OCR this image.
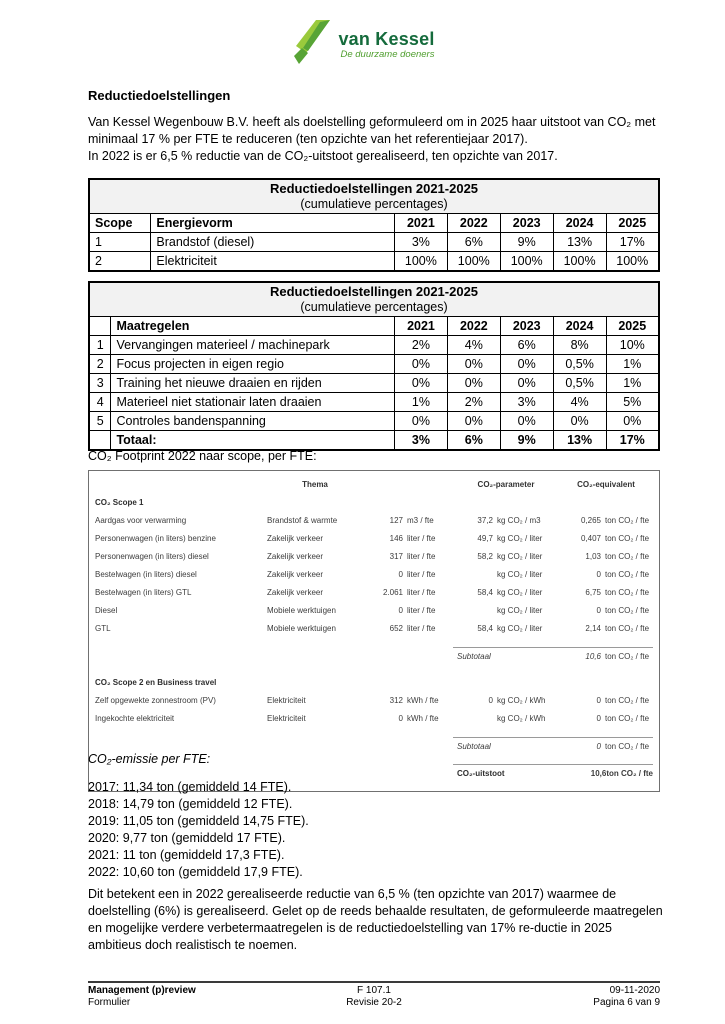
van Kessel
De duurzame doeners
Reductiedoelstellingen
Van Kessel Wegenbouw B.V. heeft als doelstelling geformuleerd om in 2025 haar uitstoot van CO₂ met minimaal 17 % per FTE te reduceren (ten opzichte van het referentiejaar 2017).
In 2022 is er 6,5 % reductie van de CO₂-uitstoot gerealiseerd, ten opzichte van 2017.
Reductiedoelstellingen 2021-2025
(cumulatieve percentages)						

Scope	Energievorm	2021	2022	2023	2024	2025
1	Brandstof (diesel)	3%	6%	9%	13%	17%
2	Elektriciteit	100%	100%	100%	100%	100%
Reductiedoelstellingen 2021-2025
(cumulatieve percentages)						

	Maatregelen	2021	2022	2023	2024	2025
1	Vervangingen materieel / machinepark	2%	4%	6%	8%	10%
2	Focus projecten in eigen regio	0%	0%	0%	0,5%	1%
3	Training het nieuwe draaien en rijden	0%	0%	0%	0,5%	1%
4	Materieel niet stationair laten draaien	1%	2%	3%	4%	5%
5	Controles bandenspanning	0%	0%	0%	0%	0%
	Totaal:	3%	6%	9%	13%	17%
CO₂ Footprint 2022 naar scope, per FTE:
Thema	CO₂-parameter	CO₂-equivalent
CO₂ Scope 1
Aardgas voor verwarming	Brandstof & warmte	127 m3 / fte	37,2 kg CO₂ / m3	0,265 ton CO₂ / fte
Personenwagen (in liters) benzine	Zakelijk verkeer	146 liter / fte	49,7 kg CO₂ / liter	0,407 ton CO₂ / fte
Personenwagen (in liters) diesel	Zakelijk verkeer	317 liter / fte	58,2 kg CO₂ / liter	1,03 ton CO₂ / fte
Bestelwagen (in liters) diesel	Zakelijk verkeer	0 liter / fte	kg CO₂ / liter	0 ton CO₂ / fte
Bestelwagen (in liters) GTL	Zakelijk verkeer	2.061 liter / fte	58,4 kg CO₂ / liter	6,75 ton CO₂ / fte
Diesel	Mobiele werktuigen	0 liter / fte	kg CO₂ / liter	0 ton CO₂ / fte
GTL	Mobiele werktuigen	652 liter / fte	58,4 kg CO₂ / liter	2,14 ton CO₂ / fte
Subtotaal	10,6 ton CO₂ / fte
CO₂ Scope 2 en Business travel
Zelf opgewekte zonnestroom (PV)	Elektriciteit	312 kWh / fte	0 kg CO₂ / kWh	0 ton CO₂ / fte
Ingekochte elektriciteit	Elektriciteit	0 kWh / fte	kg CO₂ / kWh	0 ton CO₂ / fte
Subtotaal	0 ton CO₂ / fte
CO₂-uitstoot	10,6ton CO₂ / fte
CO₂-emissie per FTE:
2017: 11,34 ton (gemiddeld 14 FTE).
2018: 14,79 ton (gemiddeld 12 FTE).
2019: 11,05 ton (gemiddeld 14,75 FTE).
2020: 9,77 ton (gemiddeld 17 FTE).
2021: 11 ton (gemiddeld 17,3 FTE).
2022: 10,60 ton (gemiddeld 17,9 FTE).
Dit betekent een in 2022 gerealiseerde reductie van 6,5 % (ten opzichte van 2017) waarmee de doelstelling (6%) is gerealiseerd. Gelet op de reeds behaalde resultaten, de geformuleerde maatregelen en mogelijke verdere verbetermaatregelen is de reductiedoelstelling van 17% re-ductie in 2025 ambitieus doch realistisch te noemen.
Management (p)review
Formulier
F 107.1
Revisie 20-2
09-11-2020
Pagina 6 van 9
